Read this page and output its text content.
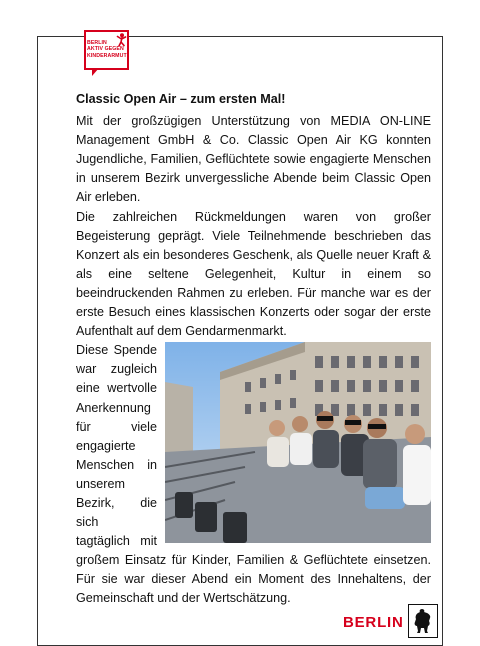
BERLIN
AKTIV GEGEN
KINDERARMUT
Classic Open Air – zum ersten Mal!

Mit der großzügigen Unterstützung von MEDIA ON-LINE Management GmbH & Co. Classic Open Air KG konnten Jugendliche, Familien, Geflüchtete sowie engagierte Menschen in unserem Bezirk unvergessliche Abende beim Classic Open Air erleben.

Die zahlreichen Rückmeldungen waren von großer Begeisterung geprägt. Viele Teilnehmende beschrieben das Konzert als ein besonderes Geschenk, als Quelle neuer Kraft & als eine seltene Gelegenheit, Kultur in einem so beeindruckenden Rahmen zu erleben. Für manche war es der erste Besuch eines klassischen Konzerts oder sogar der erste Aufenthalt auf dem Gendarmenmarkt.

Diese Spende
war zugleich
eine wertvolle
Anerkennung
für viele
engagierte
Menschen in
unserem
Bezirk, die
sich
tagtäglich mit

großem Einsatz für Kinder, Familien & Geflüchtete einsetzen. Für sie war dieser Abend ein Moment des Innehaltens, der Gemeinschaft und der Wertschätzung.

BERLIN
